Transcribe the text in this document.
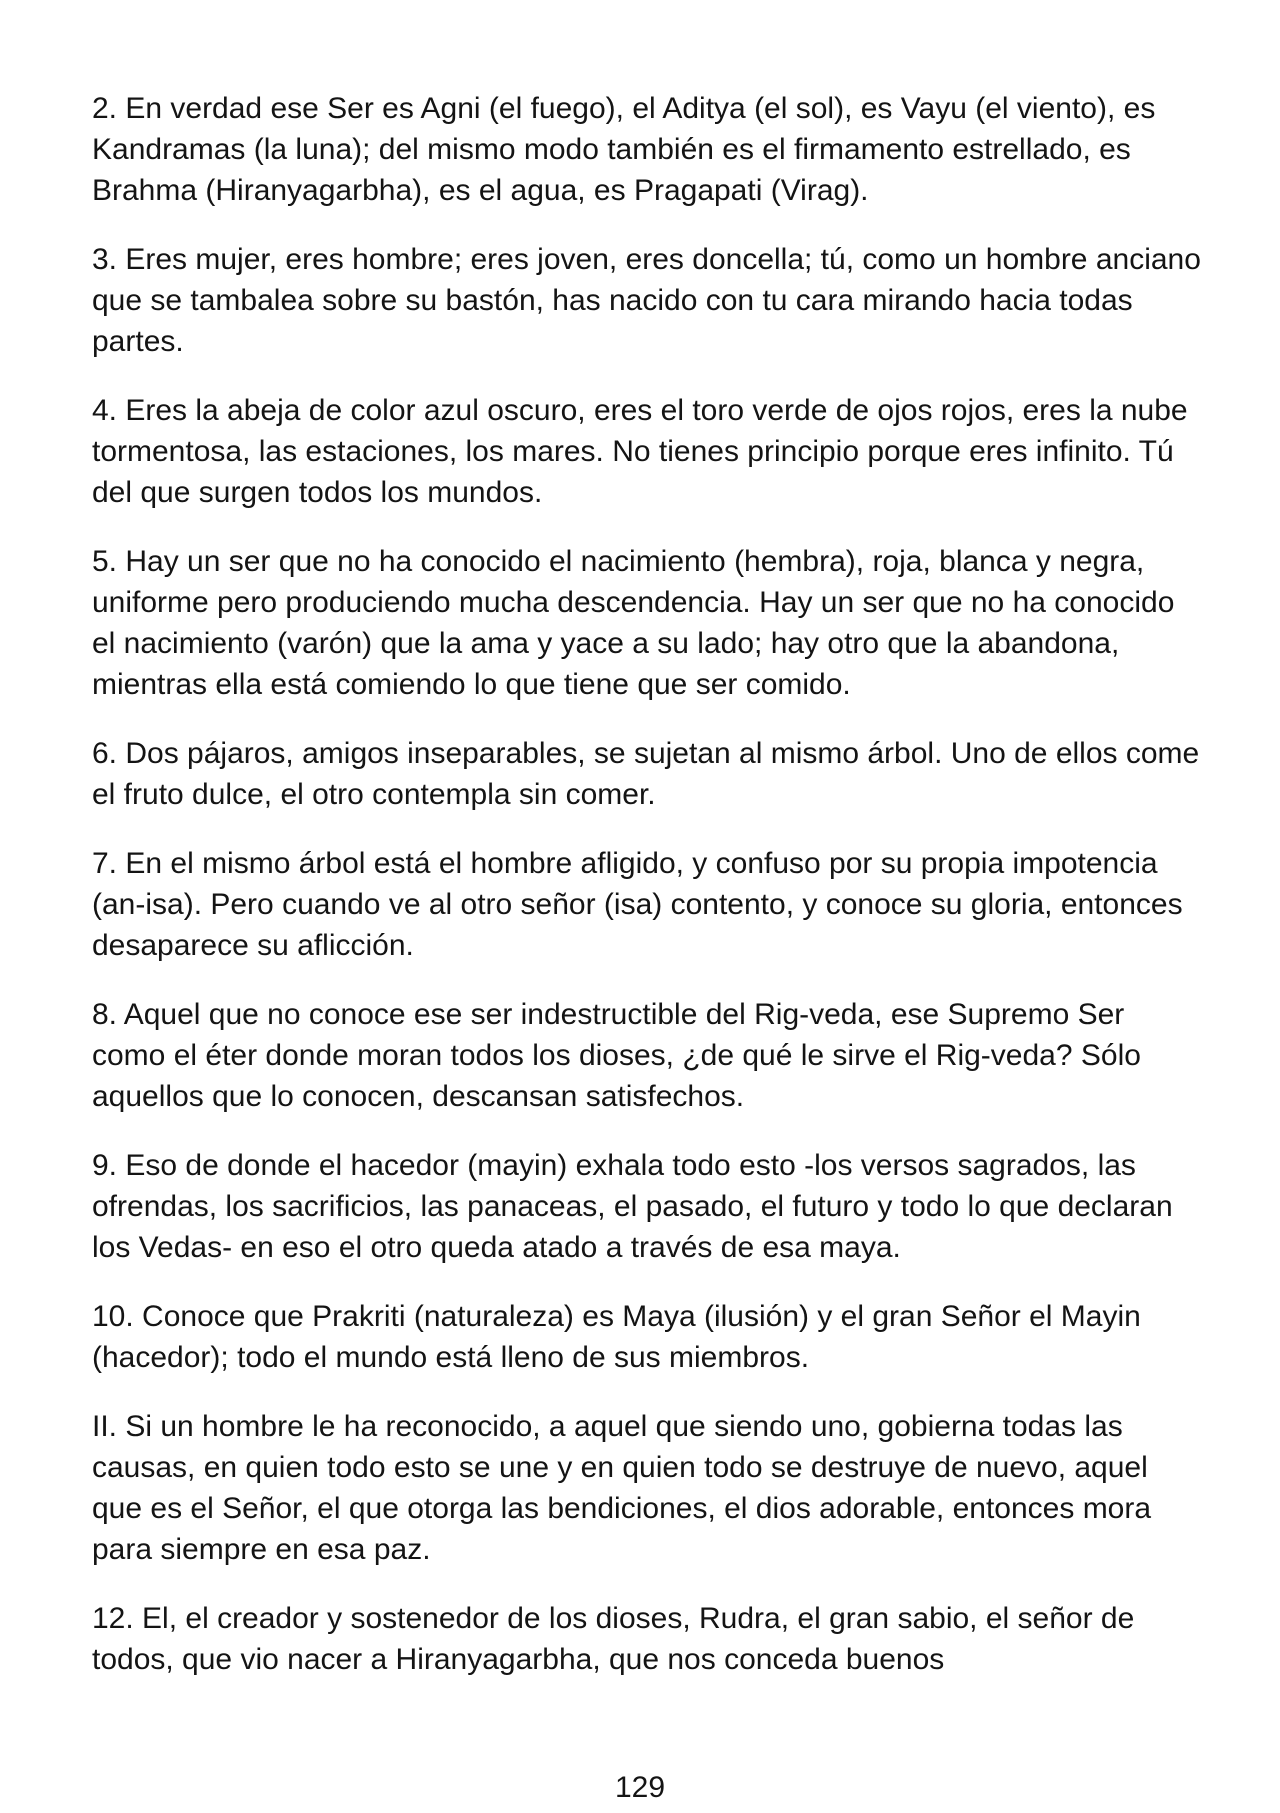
2. En verdad ese Ser es Agni (el fuego), el Aditya (el sol), es Vayu (el viento), es Kandramas (la luna); del mismo modo también es el firmamento estrellado, es Brahma (Hiranyagarbha), es el agua, es Pragapati (Virag).

3. Eres mujer, eres hombre; eres joven, eres doncella; tú, como un hombre anciano que se tambalea sobre su bastón, has nacido con tu cara mirando hacia todas partes.

4. Eres la abeja de color azul oscuro, eres el toro verde de ojos rojos, eres la nube tormentosa, las estaciones, los mares. No tienes principio porque eres infinito. Tú del que surgen todos los mundos.

5. Hay un ser que no ha conocido el nacimiento (hembra), roja, blanca y negra, uniforme pero produciendo mucha descendencia. Hay un ser que no ha conocido el nacimiento (varón) que la ama y yace a su lado; hay otro que la abandona, mientras ella está comiendo lo que tiene que ser comido.

6. Dos pájaros, amigos inseparables, se sujetan al mismo árbol. Uno de ellos come el fruto dulce, el otro contempla sin comer.

7. En el mismo árbol está el hombre afligido, y confuso por su propia impotencia (an-isa). Pero cuando ve al otro señor (isa) contento, y conoce su gloria, entonces desaparece su aflicción.

8. Aquel que no conoce ese ser indestructible del Rig-veda, ese Supremo Ser como el éter donde moran todos los dioses, ¿de qué le sirve el Rig-veda? Sólo aquellos que lo conocen, descansan satisfechos.

9. Eso de donde el hacedor (mayin) exhala todo esto -los versos sagrados, las ofrendas, los sacrificios, las panaceas, el pasado, el futuro y todo lo que declaran los Vedas- en eso el otro queda atado a través de esa maya.

10. Conoce que Prakriti (naturaleza) es Maya (ilusión) y el gran Señor el Mayin (hacedor); todo el mundo está lleno de sus miembros.

II. Si un hombre le ha reconocido, a aquel que siendo uno, gobierna todas las causas, en quien todo esto se une y en quien todo se destruye de nuevo, aquel que es el Señor, el que otorga las bendiciones, el dios adorable, entonces mora para siempre en esa paz.

12. El, el creador y sostenedor de los dioses, Rudra, el gran sabio, el señor de todos, que vio nacer a Hiranyagarbha, que nos conceda buenos

129
